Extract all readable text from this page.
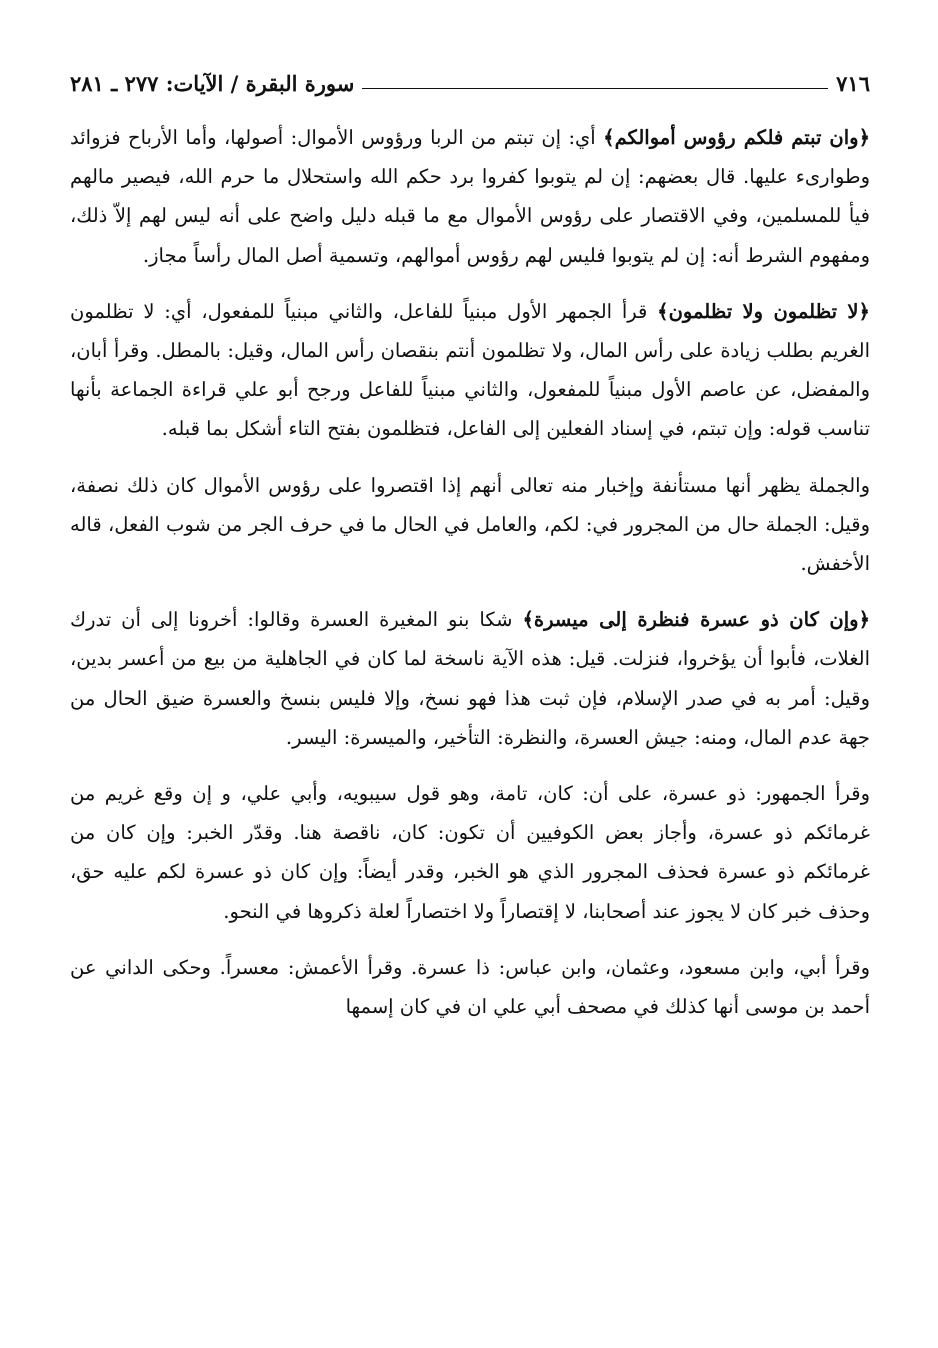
٧١٦
سورة البقرة / الآيات: ٢٧٧ ـ ٢٨١

﴿وان تبتم فلكم رؤوس أموالكم﴾ أي: إن تبتم من الربا ورؤوس الأموال: أصولها، وأما الأرباح فزوائد وطوارىء عليها. قال بعضهم: إن لم يتوبوا كفروا برد حكم الله واستحلال ما حرم الله، فيصير مالهم فيأ للمسلمين، وفي الاقتصار على رؤوس الأموال مع ما قبله دليل واضح على أنه ليس لهم إلاّ ذلك، ومفهوم الشرط أنه: إن لم يتوبوا فليس لهم رؤوس أموالهم، وتسمية أصل المال رأساً مجاز.

﴿لا تظلمون ولا تظلمون﴾ قرأ الجمهر الأول مبنياً للفاعل، والثاني مبنياً للمفعول، أي: لا تظلمون الغريم بطلب زيادة على رأس المال، ولا تظلمون أنتم بنقصان رأس المال، وقيل: بالمطل. وقرأ أبان، والمفضل، عن عاصم الأول مبنياً للمفعول، والثاني مبنياً للفاعل ورجح أبو علي قراءة الجماعة بأنها تناسب قوله: وإن تبتم، في إسناد الفعلين إلى الفاعل، فتظلمون بفتح التاء أشكل بما قبله.

والجملة يظهر أنها مستأنفة وإخبار منه تعالى أنهم إذا اقتصروا على رؤوس الأموال كان ذلك نصفة، وقيل: الجملة حال من المجرور في: لكم، والعامل في الحال ما في حرف الجر من شوب الفعل، قاله الأخفش.

﴿وإن كان ذو عسرة فنظرة إلى ميسرة﴾ شكا بنو المغيرة العسرة وقالوا: أخرونا إلى أن تدرك الغلات، فأبوا أن يؤخروا، فنزلت. قيل: هذه الآية ناسخة لما كان في الجاهلية من بيع من أعسر بدين، وقيل: أمر به في صدر الإسلام، فإن ثبت هذا فهو نسخ، وإلا فليس بنسخ والعسرة ضيق الحال من جهة عدم المال، ومنه: جيش العسرة، والنظرة: التأخير، والميسرة: اليسر.

وقرأ الجمهور: ذو عسرة، على أن: كان، تامة، وهو قول سيبويه، وأبي علي، و إن وقع غريم من غرمائكم ذو عسرة، وأجاز بعض الكوفيين أن تكون: كان، ناقصة هنا. وقدّر الخبر: وإن كان من غرمائكم ذو عسرة فحذف المجرور الذي هو الخبر، وقدر أيضاً: وإن كان ذو عسرة لكم عليه حق، وحذف خبر كان لا يجوز عند أصحابنا، لا إقتصاراً ولا اختصاراً لعلة ذكروها في النحو.

وقرأ أبي، وابن مسعود، وعثمان، وابن عباس: ذا عسرة. وقرأ الأعمش: معسراً. وحكى الداني عن أحمد بن موسى أنها كذلك في مصحف أبي علي ان في كان إسمها
